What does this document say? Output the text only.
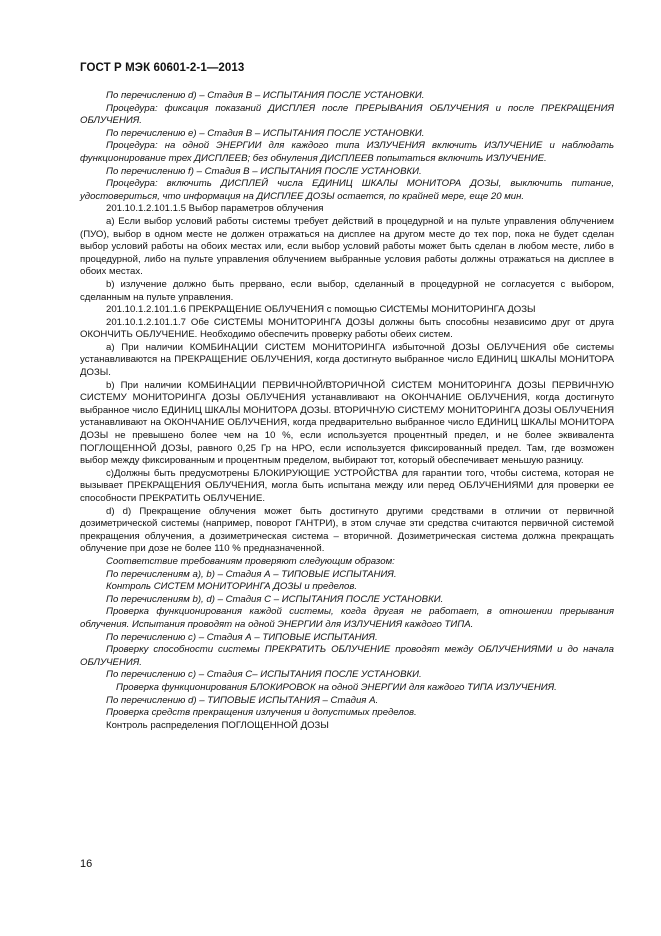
ГОСТ Р МЭК 60601-2-1—2013

По перечислению d) – Стадия В – ИСПЫТАНИЯ ПОСЛЕ УСТАНОВКИ.

Процедура: фиксация показаний ДИСПЛЕЯ после ПРЕРЫВАНИЯ ОБЛУЧЕНИЯ и после ПРЕКРАЩЕНИЯ ОБЛУЧЕНИЯ.

По перечислению e) – Стадия В – ИСПЫТАНИЯ ПОСЛЕ УСТАНОВКИ.

Процедура: на одной ЭНЕРГИИ для каждого типа ИЗЛУЧЕНИЯ включить ИЗЛУЧЕНИЕ и наблюдать функционирование трех ДИСПЛЕЕВ; без обнуления ДИСПЛЕЕВ попытаться включить ИЗЛУЧЕНИЕ.

По перечислению f) – Стадия В – ИСПЫТАНИЯ ПОСЛЕ УСТАНОВКИ.

Процедура: включить ДИСПЛЕЙ числа ЕДИНИЦ ШКАЛЫ МОНИТОРА ДОЗЫ, выключить питание, удостовериться, что информация на ДИСПЛЕЕ ДОЗЫ остается, по крайней мере, еще 20 мин.

201.10.1.2.101.1.5 Выбор параметров облучения

а) Если выбор условий работы системы требует действий в процедурной и на пульте управления облучением (ПУО), выбор в одном месте не должен отражаться на дисплее на другом месте до тех пор, пока не будет сделан выбор условий работы на обоих местах или, если выбор условий работы может быть сделан в любом месте, либо в процедурной, либо на пульте управления облучением выбранные условия работы должны отражаться на дисплее в обоих местах.

b) излучение должно быть прервано, если выбор, сделанный в процедурной не согласуется с выбором, сделанным на пульте управления.

201.10.1.2.101.1.6 ПРЕКРАЩЕНИЕ ОБЛУЧЕНИЯ с помощью СИСТЕМЫ МОНИТОРИНГА ДОЗЫ

201.10.1.2.101.1.7 Обе СИСТЕМЫ МОНИТОРИНГА ДОЗЫ должны быть способны независимо друг от друга ОКОНЧИТЬ ОБЛУЧЕНИЕ. Необходимо обеспечить проверку работы обеих систем.

а) При наличии КОМБИНАЦИИ СИСТЕМ МОНИТОРИНГА избыточной ДОЗЫ ОБЛУЧЕНИЯ обе системы устанавливаются на ПРЕКРАЩЕНИЕ ОБЛУЧЕНИЯ, когда достигнуто выбранное число ЕДИНИЦ ШКАЛЫ МОНИТОРА ДОЗЫ.

b) При наличии КОМБИНАЦИИ ПЕРВИЧНОЙ/ВТОРИЧНОЙ СИСТЕМ МОНИТОРИНГА ДОЗЫ ПЕРВИЧНУЮ СИСТЕМУ МОНИТОРИНГА ДОЗЫ ОБЛУЧЕНИЯ устанавливают на ОКОНЧАНИЕ ОБЛУЧЕНИЯ, когда достигнуто выбранное число ЕДИНИЦ ШКАЛЫ МОНИТОРА ДОЗЫ. ВТОРИЧНУЮ СИСТЕМУ МОНИТОРИНГА ДОЗЫ ОБЛУЧЕНИЯ устанавливают на ОКОНЧАНИЕ ОБЛУЧЕНИЯ, когда предварительно выбранное число ЕДИНИЦ ШКАЛЫ МОНИТОРА ДОЗЫ не превышено более чем на 10 %, если используется процентный предел, и не более эквивалента ПОГЛОЩЕННОЙ ДОЗЫ, равного 0,25 Гр на НРО, если используется фиксированный предел. Там, где возможен выбор между фиксированным и процентным пределом, выбирают тот, который обеспечивает меньшую разницу.

c)Должны быть предусмотрены БЛОКИРУЮЩИЕ УСТРОЙСТВА для гарантии того, чтобы система, которая не вызывает ПРЕКРАЩЕНИЯ ОБЛУЧЕНИЯ, могла быть испытана между или перед ОБЛУЧЕНИЯМИ для проверки ее способности ПРЕКРАТИТЬ ОБЛУЧЕНИЕ.

d) d) Прекращение облучения может быть достигнуто другими средствами в отличии от первичной дозиметрической системы (например, поворот ГАНТРИ), в этом случае эти средства считаются первичной системой прекращения облучения, а дозиметрическая система – вторичной. Дозиметрическая система должна прекращать облучение при дозе не более 110 % предназначенной.

Соответствие требованиям проверяют следующим образом:

По перечислениям а), b) – Стадия А – ТИПОВЫЕ ИСПЫТАНИЯ.

Контроль СИСТЕМ МОНИТОРИНГА ДОЗЫ и пределов.

По перечислениям b), d) – Стадия С – ИСПЫТАНИЯ ПОСЛЕ УСТАНОВКИ.

Проверка функционирования каждой системы, когда другая не работает, в отношении прерывания облучения. Испытания проводят на одной ЭНЕРГИИ для ИЗЛУЧЕНИЯ каждого ТИПА.

По перечислению c) – Стадия А – ТИПОВЫЕ ИСПЫТАНИЯ.

Проверку способности системы ПРЕКРАТИТЬ ОБЛУЧЕНИЕ проводят между ОБЛУЧЕНИЯМИ и до начала ОБЛУЧЕНИЯ.

По перечислению c) – Стадия С– ИСПЫТАНИЯ ПОСЛЕ УСТАНОВКИ.

Проверка функционирования БЛОКИРОВОК на одной ЭНЕРГИИ для каждого ТИПА ИЗЛУЧЕНИЯ.

По перечислению d) – ТИПОВЫЕ ИСПЫТАНИЯ – Стадия А.

Проверка средств прекращения излучения и допустимых пределов.

Контроль распределения ПОГЛОЩЕННОЙ ДОЗЫ

16
